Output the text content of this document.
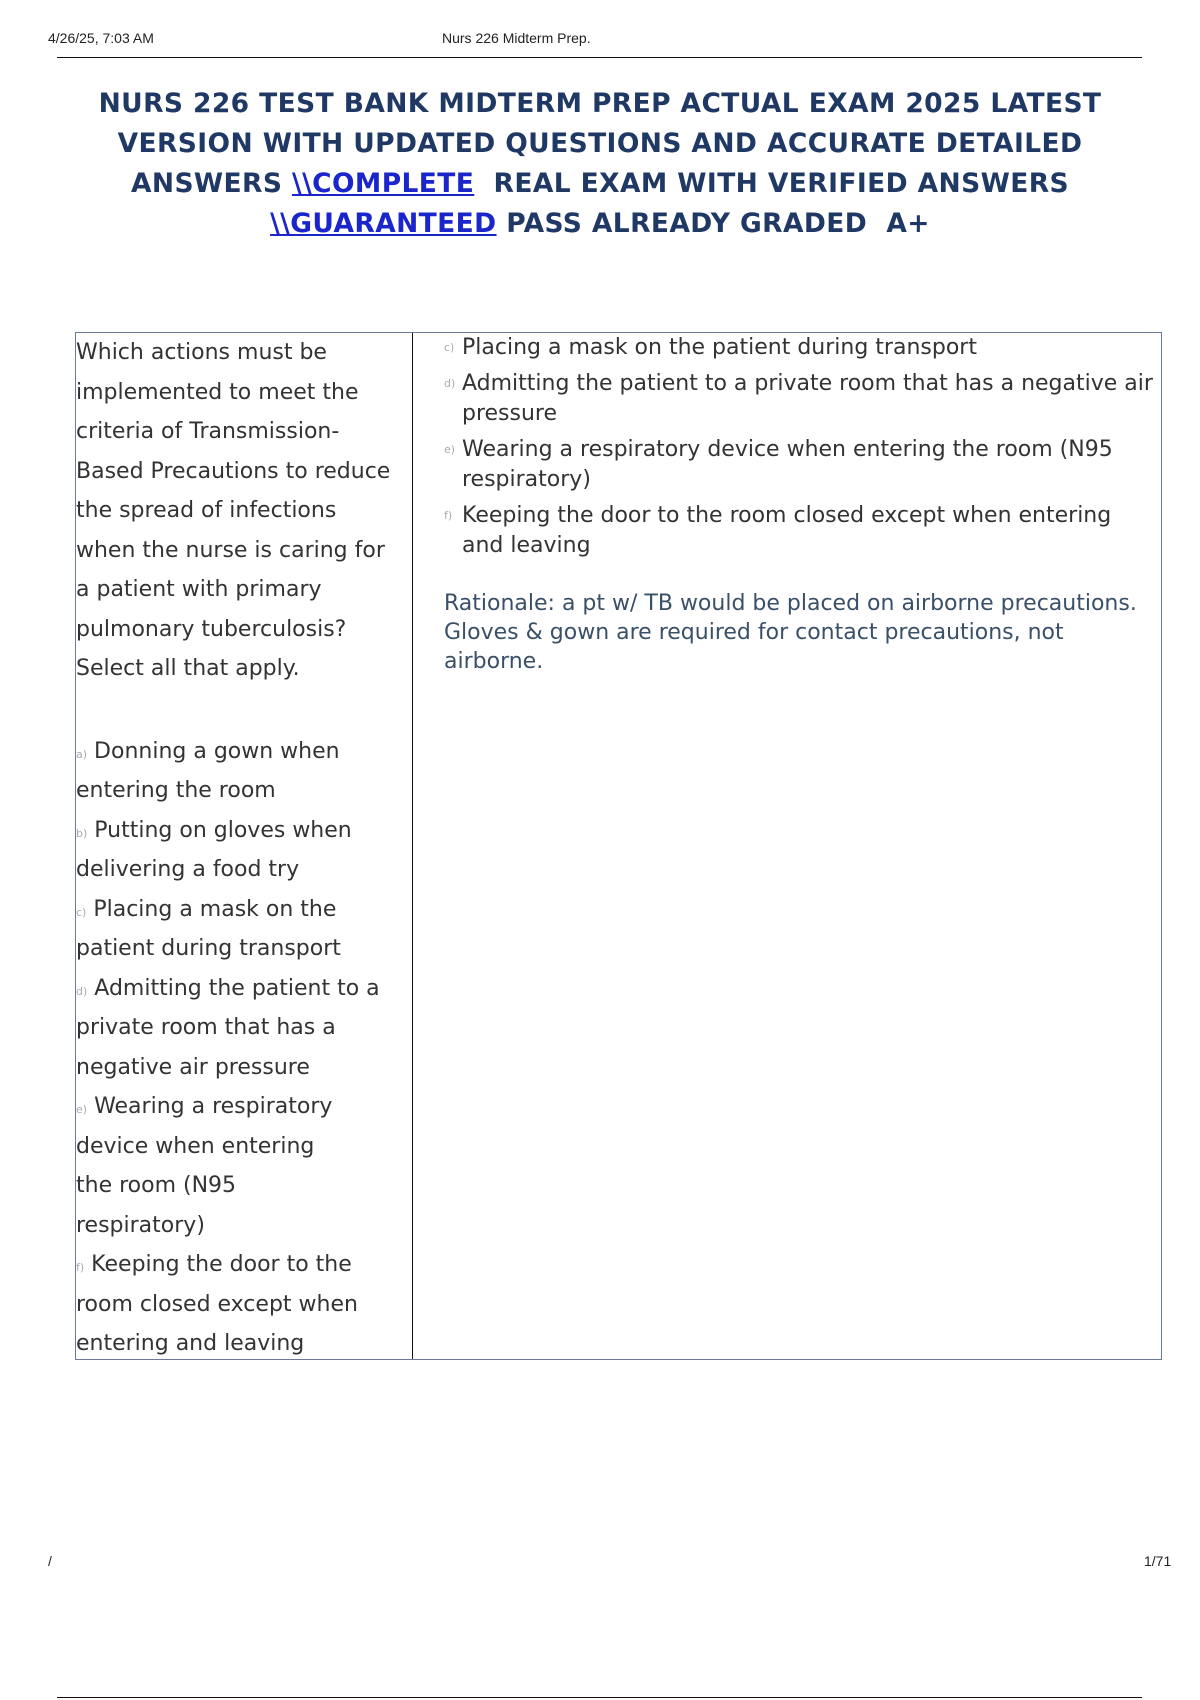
4/26/25, 7:03 AM	Nurs 226 Midterm Prep.
NURS 226 TEST BANK MIDTERM PREP ACTUAL EXAM 2025 LATEST
VERSION WITH UPDATED QUESTIONS AND ACCURATE DETAILED
ANSWERS \\COMPLETE  REAL EXAM WITH VERIFIED ANSWERS
\\GUARANTEED PASS ALREADY GRADED  A+

Which actions must be

implemented to meet the

criteria of Transmission-

Based Precautions to reduce

the spread of infections

when the nurse is caring for

a patient with primary

pulmonary tuberculosis?

Select all that apply.

a) Donning a gown when

entering the room

b) Putting on gloves when

delivering a food try

c) Placing a mask on the

patient during transport

d) Admitting the patient to a

private room that has a

negative air pressure

e) Wearing a respiratory

device when entering

the room (N95

respiratory)

f) Keeping the door to the

room closed except when

entering and leaving

c) Placing a mask on the patient during transport
d) Admitting the patient to a private room that has a negative air pressure
e) Wearing a respiratory device when entering the room (N95 respiratory)
f) Keeping the door to the room closed except when entering and leaving
Rationale: a pt w/ TB would be placed on airborne precautions. Gloves & gown are required for contact precautions, not airborne.
/	1/71
